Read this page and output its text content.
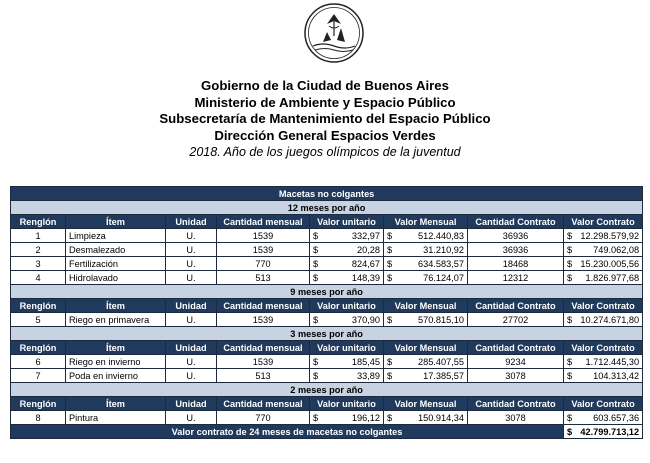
Gobierno de la Ciudad de Buenos Aires
Ministerio de Ambiente y Espacio Público
Subsecretaría de Mantenimiento del Espacio Público
Dirección General Espacios Verdes
2018. Año de los juegos olímpicos de la juventud
Macetas no colgantes							
12 meses por año							
Renglón	Ítem	Unidad	Cantidad mensual	Valor unitario	Valor Mensual	Cantidad Contrato	Valor Contrato
1	Limpieza	U.	1539	$ 332,97	$ 512.440,83	36936	$ 12.298.579,92

2	Desmalezado	U.	1539	$ 20,28	$ 31.210,92	36936	$ 749.062,08

3	Fertilización	U.	770	$ 824,67	$ 634.583,57	18468	$ 15.230.005,56

4	Hidrolavado	U.	513	$ 148,39	$ 76.124,07	12312	$ 1.826.977,68

9 meses por año							
Renglón	Ítem	Unidad	Cantidad mensual	Valor unitario	Valor Mensual	Cantidad Contrato	Valor Contrato
5	Riego en primavera	U.	1539	$ 370,90	$ 570.815,10	27702	$ 10.274.671,80

3 meses por año							
Renglón	Ítem	Unidad	Cantidad mensual	Valor unitario	Valor Mensual	Cantidad Contrato	Valor Contrato
6	Riego en invierno	U.	1539	$ 185,45	$ 285.407,55	9234	$ 1.712.445,30

7	Poda en invierno	U.	513	$ 33,89	$ 17.385,57	3078	$ 104.313,42

2 meses por año							
Renglón	Ítem	Unidad	Cantidad mensual	Valor unitario	Valor Mensual	Cantidad Contrato	Valor Contrato
8	Pintura	U.	770	$ 196,12	$ 150.914,34	3078	$ 603.657,36

Valor contrato de 24 meses de macetas no colgantes							$ 42.799.713,12
